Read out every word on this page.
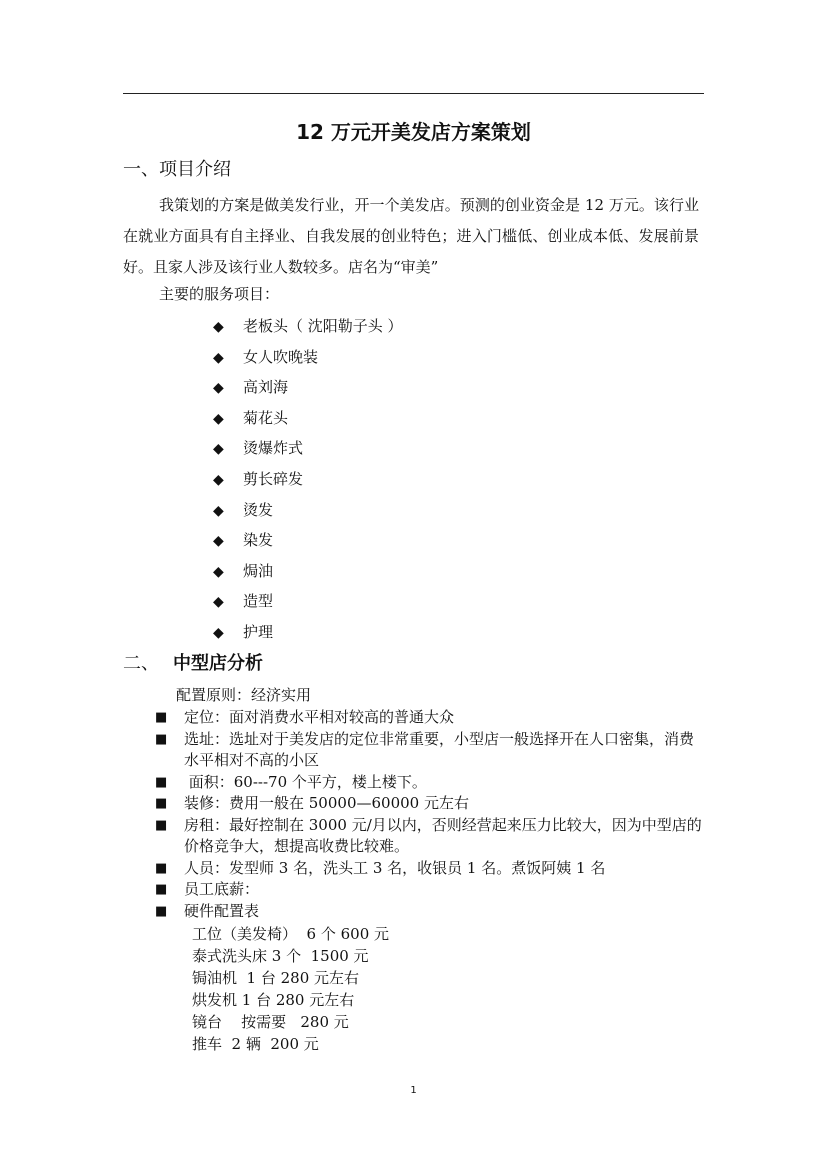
12 万元开美发店方案策划
一、项目介绍

我策划的方案是做美发行业，开一个美发店。预测的创业资金是 12 万元。该行业在就业方面具有自主择业、自我发展的创业特色；进入门槛低、创业成本低、发展前景好。且家人涉及该行业人数较多。店名为“审美”

主要的服务项目：

◆ 老板头（ 沈阳勒子头 ）
◆ 女人吹晚装
◆ 高刘海
◆ 菊花头
◆ 烫爆炸式
◆ 剪长碎发
◆ 烫发
◆ 染发
◆ 焗油
◆ 造型
◆ 护理
二、 中型店分析

配置原则：经济实用

■ 定位：面对消费水平相对较高的普通大众
■ 选址：选址对于美发店的定位非常重要，小型店一般选择开在人口密集，消费水平相对不高的小区
■ 面积：60---70 个平方，楼上楼下。
■ 装修：费用一般在 50000—60000 元左右
■ 房租：最好控制在 3000 元/月以内，否则经营起来压力比较大，因为中型店的价格竞争大，想提高收费比较难。
■ 人员：发型师 3 名，洗头工 3 名，收银员 1 名。煮饭阿姨 1 名
■ 员工底薪：
■ 硬件配置表
工位（美发椅）  6 个 600 元
泰式洗头床 3 个  1500 元
锔油机  1 台 280 元左右
烘发机 1 台 280 元左右
镜台    按需要   280 元
推车  2 辆  200 元
1
